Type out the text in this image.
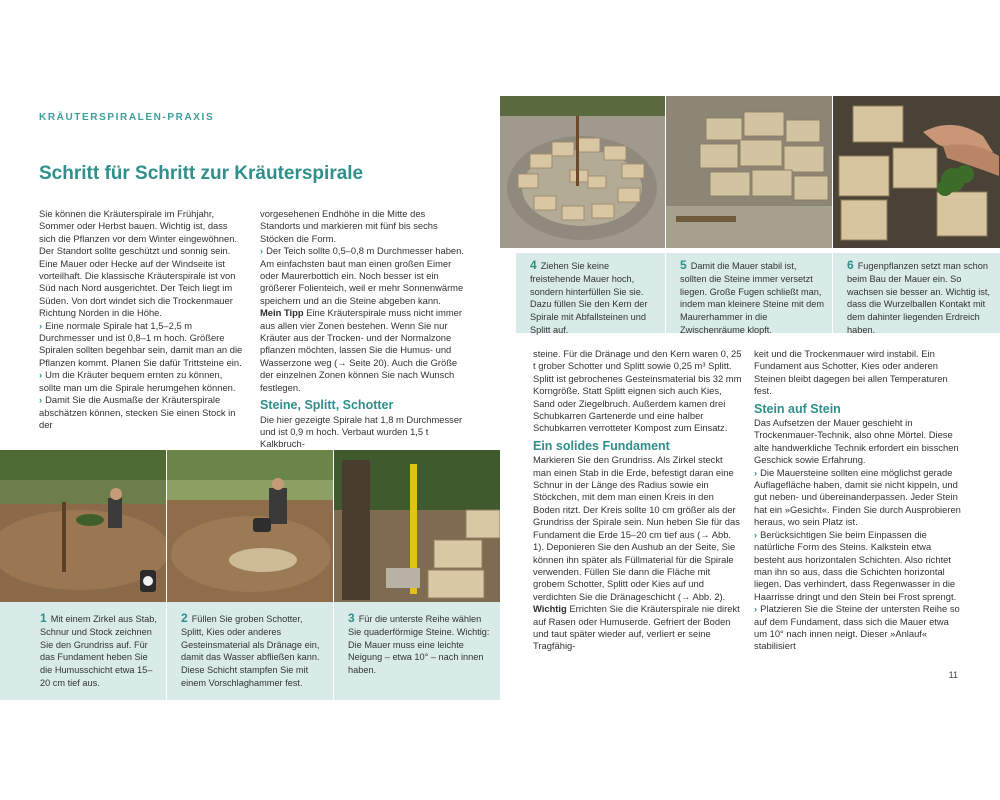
KRÄUTERSPIRALEN-PRAXIS
Schritt für Schritt zur Kräuterspirale

Sie können die Kräuterspirale im Frühjahr, Sommer oder Herbst bauen. Wichtig ist, dass sich die Pflanzen vor dem Winter eingewöhnen. Der Standort sollte geschützt und sonnig sein. Eine Mauer oder Hecke auf der Windseite ist vorteilhaft. Die klassische Kräuterspirale ist von Süd nach Nord ausgerichtet. Der Teich liegt im Süden. Von dort windet sich die Trockenmauer Richtung Norden in die Höhe.

› Eine normale Spirale hat 1,5–2,5 m Durchmesser und ist 0,8–1 m hoch. Größere Spiralen sollten begehbar sein, damit man an die Pflanzen kommt. Planen Sie dafür Trittsteine ein.

› Um die Kräuter bequem ernten zu können, sollte man um die Spirale herumgehen können.

› Damit Sie die Ausmaße der Kräuterspirale abschätzen können, stecken Sie einen Stock in der

vorgesehenen Endhöhe in die Mitte des Standorts und markieren mit fünf bis sechs Stöcken die Form.

› Der Teich sollte 0,5–0,8 m Durchmesser haben. Am einfachsten baut man einen großen Eimer oder Maurerbottich ein. Noch besser ist ein größerer Folienteich, weil er mehr Sonnenwärme speichern und an die Steine abgeben kann.

Mein Tipp Eine Kräuterspirale muss nicht immer aus allen vier Zonen bestehen. Wenn Sie nur Kräuter aus der Trocken- und der Normalzone pflanzen möchten, lassen Sie die Humus- und Wasserzone weg (→ Seite 20). Auch die Größe der einzelnen Zonen können Sie nach Wunsch festlegen.

Steine, Splitt, Schotter

Die hier gezeigte Spirale hat 1,8 m Durchmesser und ist 0,9 m hoch. Verbaut wurden 1,5 t Kalkbruch-

4 Ziehen Sie keine freistehende Mauer hoch, sondern hinterfüllen Sie sie. Dazu füllen Sie den Kern der Spirale mit Abfallsteinen und Splitt auf.
5 Damit die Mauer stabil ist, sollten die Steine immer versetzt liegen. Große Fugen schließt man, indem man kleinere Steine mit dem Maurerhammer in die Zwischenräume klopft.
6 Fugenpflanzen setzt man schon beim Bau der Mauer ein. So wachsen sie besser an. Wichtig ist, dass die Wurzelballen Kontakt mit dem dahinter liegenden Erdreich haben.

steine. Für die Dränage und den Kern waren 0, 25 t grober Schotter und Splitt sowie 0,25 m³ Splitt. Splitt ist gebrochenes Gesteinsmaterial bis 32 mm Korngröße. Statt Splitt eignen sich auch Kies, Sand oder Ziegelbruch. Außerdem kamen drei Schubkarren Gartenerde und eine halber Schubkarren verrotteter Kompost zum Einsatz.

Ein solides Fundament

Markieren Sie den Grundriss. Als Zirkel steckt man einen Stab in die Erde, befestigt daran eine Schnur in der Länge des Radius sowie ein Stöckchen, mit dem man einen Kreis in den Boden ritzt. Der Kreis sollte 10 cm größer als der Grundriss der Spirale sein. Nun heben Sie für das Fundament die Erde 15–20 cm tief aus (→ Abb. 1). Deponieren Sie den Aushub an der Seite, Sie können ihn später als Füllmaterial für die Spirale verwenden. Füllen Sie dann die Fläche mit grobem Schotter, Splitt oder Kies auf und verdichten Sie die Dränageschicht (→ Abb. 2).

Wichtig Errichten Sie die Kräuterspirale nie direkt auf Rasen oder Humuserde. Gefriert der Boden und taut später wieder auf, verliert er seine Tragfähig-

keit und die Trockenmauer wird instabil. Ein Fundament aus Schotter, Kies oder anderen Steinen bleibt dagegen bei allen Temperaturen fest.

Stein auf Stein

Das Aufsetzen der Mauer geschieht in Trockenmauer-Technik, also ohne Mörtel. Diese alte handwerkliche Technik erfordert ein bisschen Geschick sowie Erfahrung.

› Die Mauersteine sollten eine möglichst gerade Auflagefläche haben, damit sie nicht kippeln, und gut neben- und übereinanderpassen. Jeder Stein hat ein »Gesicht«. Finden Sie durch Ausprobieren heraus, wo sein Platz ist.

› Berücksichtigen Sie beim Einpassen die natürliche Form des Steins. Kalkstein etwa besteht aus horizontalen Schichten. Also richtet man ihn so aus, dass die Schichten horizontal liegen. Das verhindert, dass Regenwasser in die Haarrisse dringt und den Stein bei Frost sprengt.

› Platzieren Sie die Steine der untersten Reihe so auf dem Fundament, dass sich die Mauer etwa um 10° nach innen neigt. Dieser »Anlauf« stabilisiert

1 Mit einem Zirkel aus Stab, Schnur und Stock zeichnen Sie den Grundriss auf. Für das Fundament heben Sie die Humusschicht etwa 15–20 cm tief aus.
2 Füllen Sie groben Schotter, Splitt, Kies oder anderes Gesteinsmaterial als Dränage ein, damit das Wasser abfließen kann. Diese Schicht stampfen Sie mit einem Vorschlaghammer fest.
3 Für die unterste Reihe wählen Sie quaderförmige Steine. Wichtig: Die Mauer muss eine leichte Neigung – etwa 10° – nach innen haben.	11
